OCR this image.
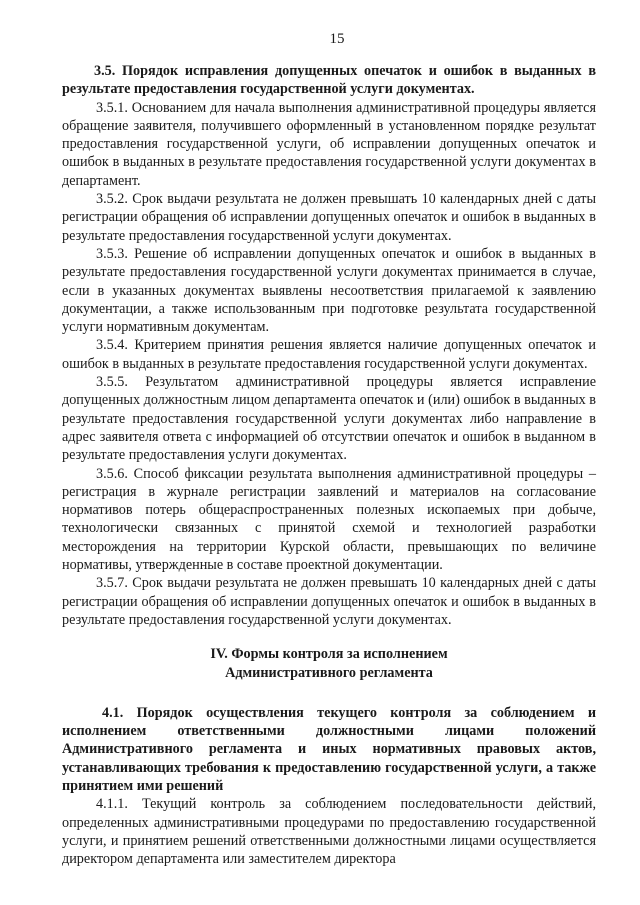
15

3.5. Порядок исправления допущенных опечаток и ошибок в выданных в результате предоставления государственной услуги документах.

3.5.1. Основанием для начала выполнения административной процедуры является обращение заявителя, получившего оформленный в установленном порядке результат предоставления государственной услуги, об исправлении допущенных опечаток и ошибок в выданных в результате предоставления государственной услуги документах в департамент.

3.5.2. Срок выдачи результата не должен превышать 10 календарных дней с даты регистрации обращения об исправлении допущенных опечаток и ошибок в выданных в результате предоставления государственной услуги документах.

3.5.3. Решение об исправлении допущенных опечаток и ошибок в выданных в результате предоставления государственной услуги документах принимается в случае, если в указанных документах выявлены несоответствия прилагаемой к заявлению документации, а также использованным при подготовке результата государственной услуги нормативным документам.

3.5.4. Критерием принятия решения является наличие допущенных опечаток и ошибок в выданных в результате предоставления государственной услуги документах.

3.5.5. Результатом административной процедуры является исправление допущенных должностным лицом департамента опечаток и (или) ошибок в выданных в результате предоставления государственной услуги документах либо направление в адрес заявителя ответа с информацией об отсутствии опечаток и ошибок в выданном в результате предоставления услуги документах.

3.5.6. Способ фиксации результата выполнения административной процедуры – регистрация в журнале регистрации заявлений и материалов на согласование нормативов потерь общераспространенных полезных ископаемых при добыче, технологически связанных с принятой схемой и технологией разработки месторождения на территории Курской области, превышающих по величине нормативы, утвержденные в составе проектной документации.

3.5.7. Срок выдачи результата не должен превышать 10 календарных дней с даты регистрации обращения об исправлении допущенных опечаток и ошибок в выданных в результате предоставления государственной услуги документах.

IV. Формы контроля за исполнением
Административного регламента

4.1. Порядок осуществления текущего контроля за соблюдением и исполнением ответственными должностными лицами положений Административного регламента и иных нормативных правовых актов, устанавливающих требования к предоставлению государственной услуги, а также принятием ими решений

4.1.1. Текущий контроль за соблюдением последовательности действий, определенных административными процедурами по предоставлению государственной услуги, и принятием решений ответственными должностными лицами осуществляется директором департамента или заместителем директора
